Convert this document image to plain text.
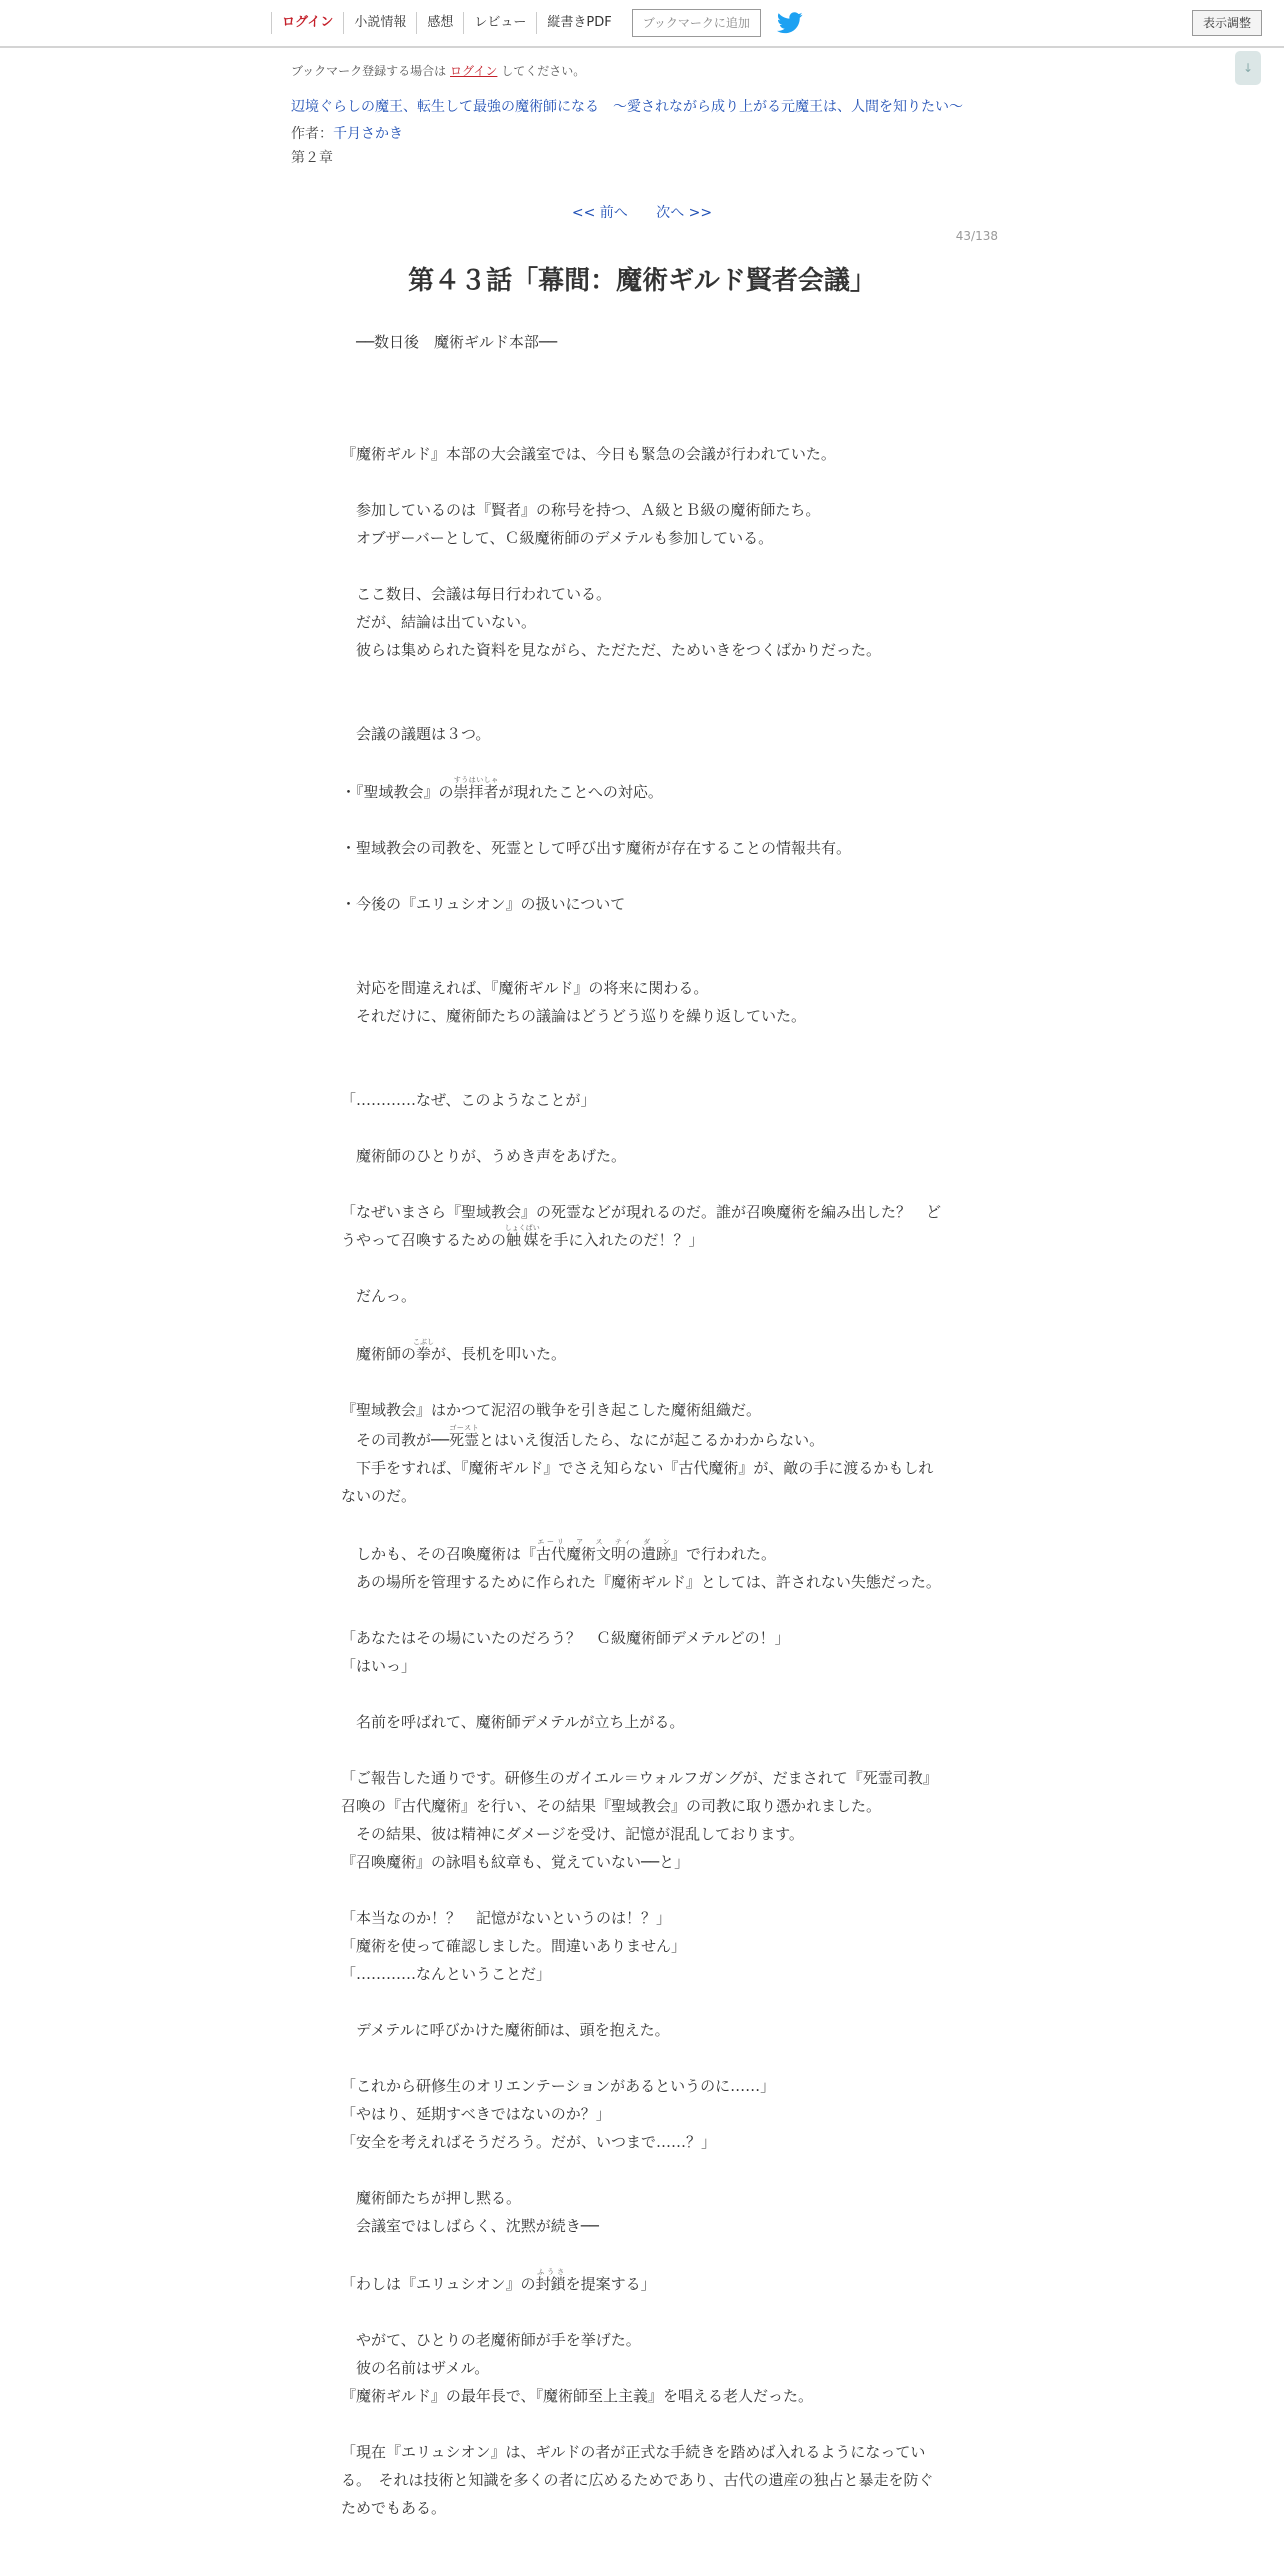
ログイン	小説情報	感想	レビュー	縦書きPDF	ブックマークに追加	表示調整
↓
ブックマーク登録する場合は ログイン してください。
辺境ぐらしの魔王、転生して最強の魔術師になる　〜愛されながら成り上がる元魔王は、人間を知りたい〜
作者：千月さかき
第２章
<< 前へ 次へ >>
43/138
第４３話「幕間：魔術ギルド賢者会議」

　──数日後　魔術ギルド本部──

『魔術ギルド』本部の大会議室では、今日も緊急の会議が行われていた。

　参加しているのは『賢者』の称号を持つ、Ａ級とＢ級の魔術師たち。

　オブザーバーとして、Ｃ級魔術師のデメテルも参加している。

　ここ数日、会議は毎日行われている。

　だが、結論は出ていない。

　彼らは集められた資料を見ながら、ただただ、ためいきをつくばかりだった。

　会議の議題は３つ。

・『聖域教会』の崇拝者すうはいしゃが現れたことへの対応。

・聖域教会の司教を、死霊として呼び出す魔術が存在することの情報共有。

・今後の『エリュシオン』の扱いについて

　対応を間違えれば、『魔術ギルド』の将来に関わる。

　それだけに、魔術師たちの議論はどうどう巡りを繰り返していた。

「…………なぜ、このようなことが」

　魔術師のひとりが、うめき声をあげた。

「なぜいまさら『聖域教会』の死霊などが現れるのだ。誰が召喚魔術を編み出した？　どうやって召喚するための触媒しょくばいを手に入れたのだ！？」

　だんっ。

　魔術師の拳こぶしが、長机を叩いた。

『聖域教会』はかつて泥沼の戦争を引き起こした魔術組織だ。

　その司教が──死霊ゴーストとはいえ復活したら、なにが起こるかわからない。

　下手をすれば、『魔術ギルド』でさえ知らない『古代魔術』が、敵の手に渡るかもしれないのだ。

　しかも、その召喚魔術は『古代魔術文明の遺跡エーリ　ア　ス　ティ　ダ　ン』で行われた。

　あの場所を管理するために作られた『魔術ギルド』としては、許されない失態だった。

「あなたはその場にいたのだろう？　Ｃ級魔術師デメテルどの！」

「はいっ」

　名前を呼ばれて、魔術師デメテルが立ち上がる。

「ご報告した通りです。研修生のガイエル＝ウォルフガングが、だまされて『死霊司教』召喚の『古代魔術』を行い、その結果『聖域教会』の司教に取り憑かれました。

　その結果、彼は精神にダメージを受け、記憶が混乱しております。

『召喚魔術』の詠唱も紋章も、覚えていない──と」

「本当なのか！？　記憶がないというのは！？」

「魔術を使って確認しました。間違いありません」

「…………なんということだ」

　デメテルに呼びかけた魔術師は、頭を抱えた。

「これから研修生のオリエンテーションがあるというのに……」

「やはり、延期すべきではないのか？」

「安全を考えればそうだろう。だが、いつまで……？」

　魔術師たちが押し黙る。

　会議室ではしばらく、沈黙が続き──

「わしは『エリュシオン』の封鎖ふうさを提案する」

　やがて、ひとりの老魔術師が手を挙げた。

　彼の名前はザメル。

『魔術ギルド』の最年長で、『魔術師至上主義』を唱える老人だった。

「現在『エリュシオン』は、ギルドの者が正式な手続きを踏めば入れるようになっている。　それは技術と知識を多くの者に広めるためであり、古代の遺産の独占と暴走を防ぐためでもある。
